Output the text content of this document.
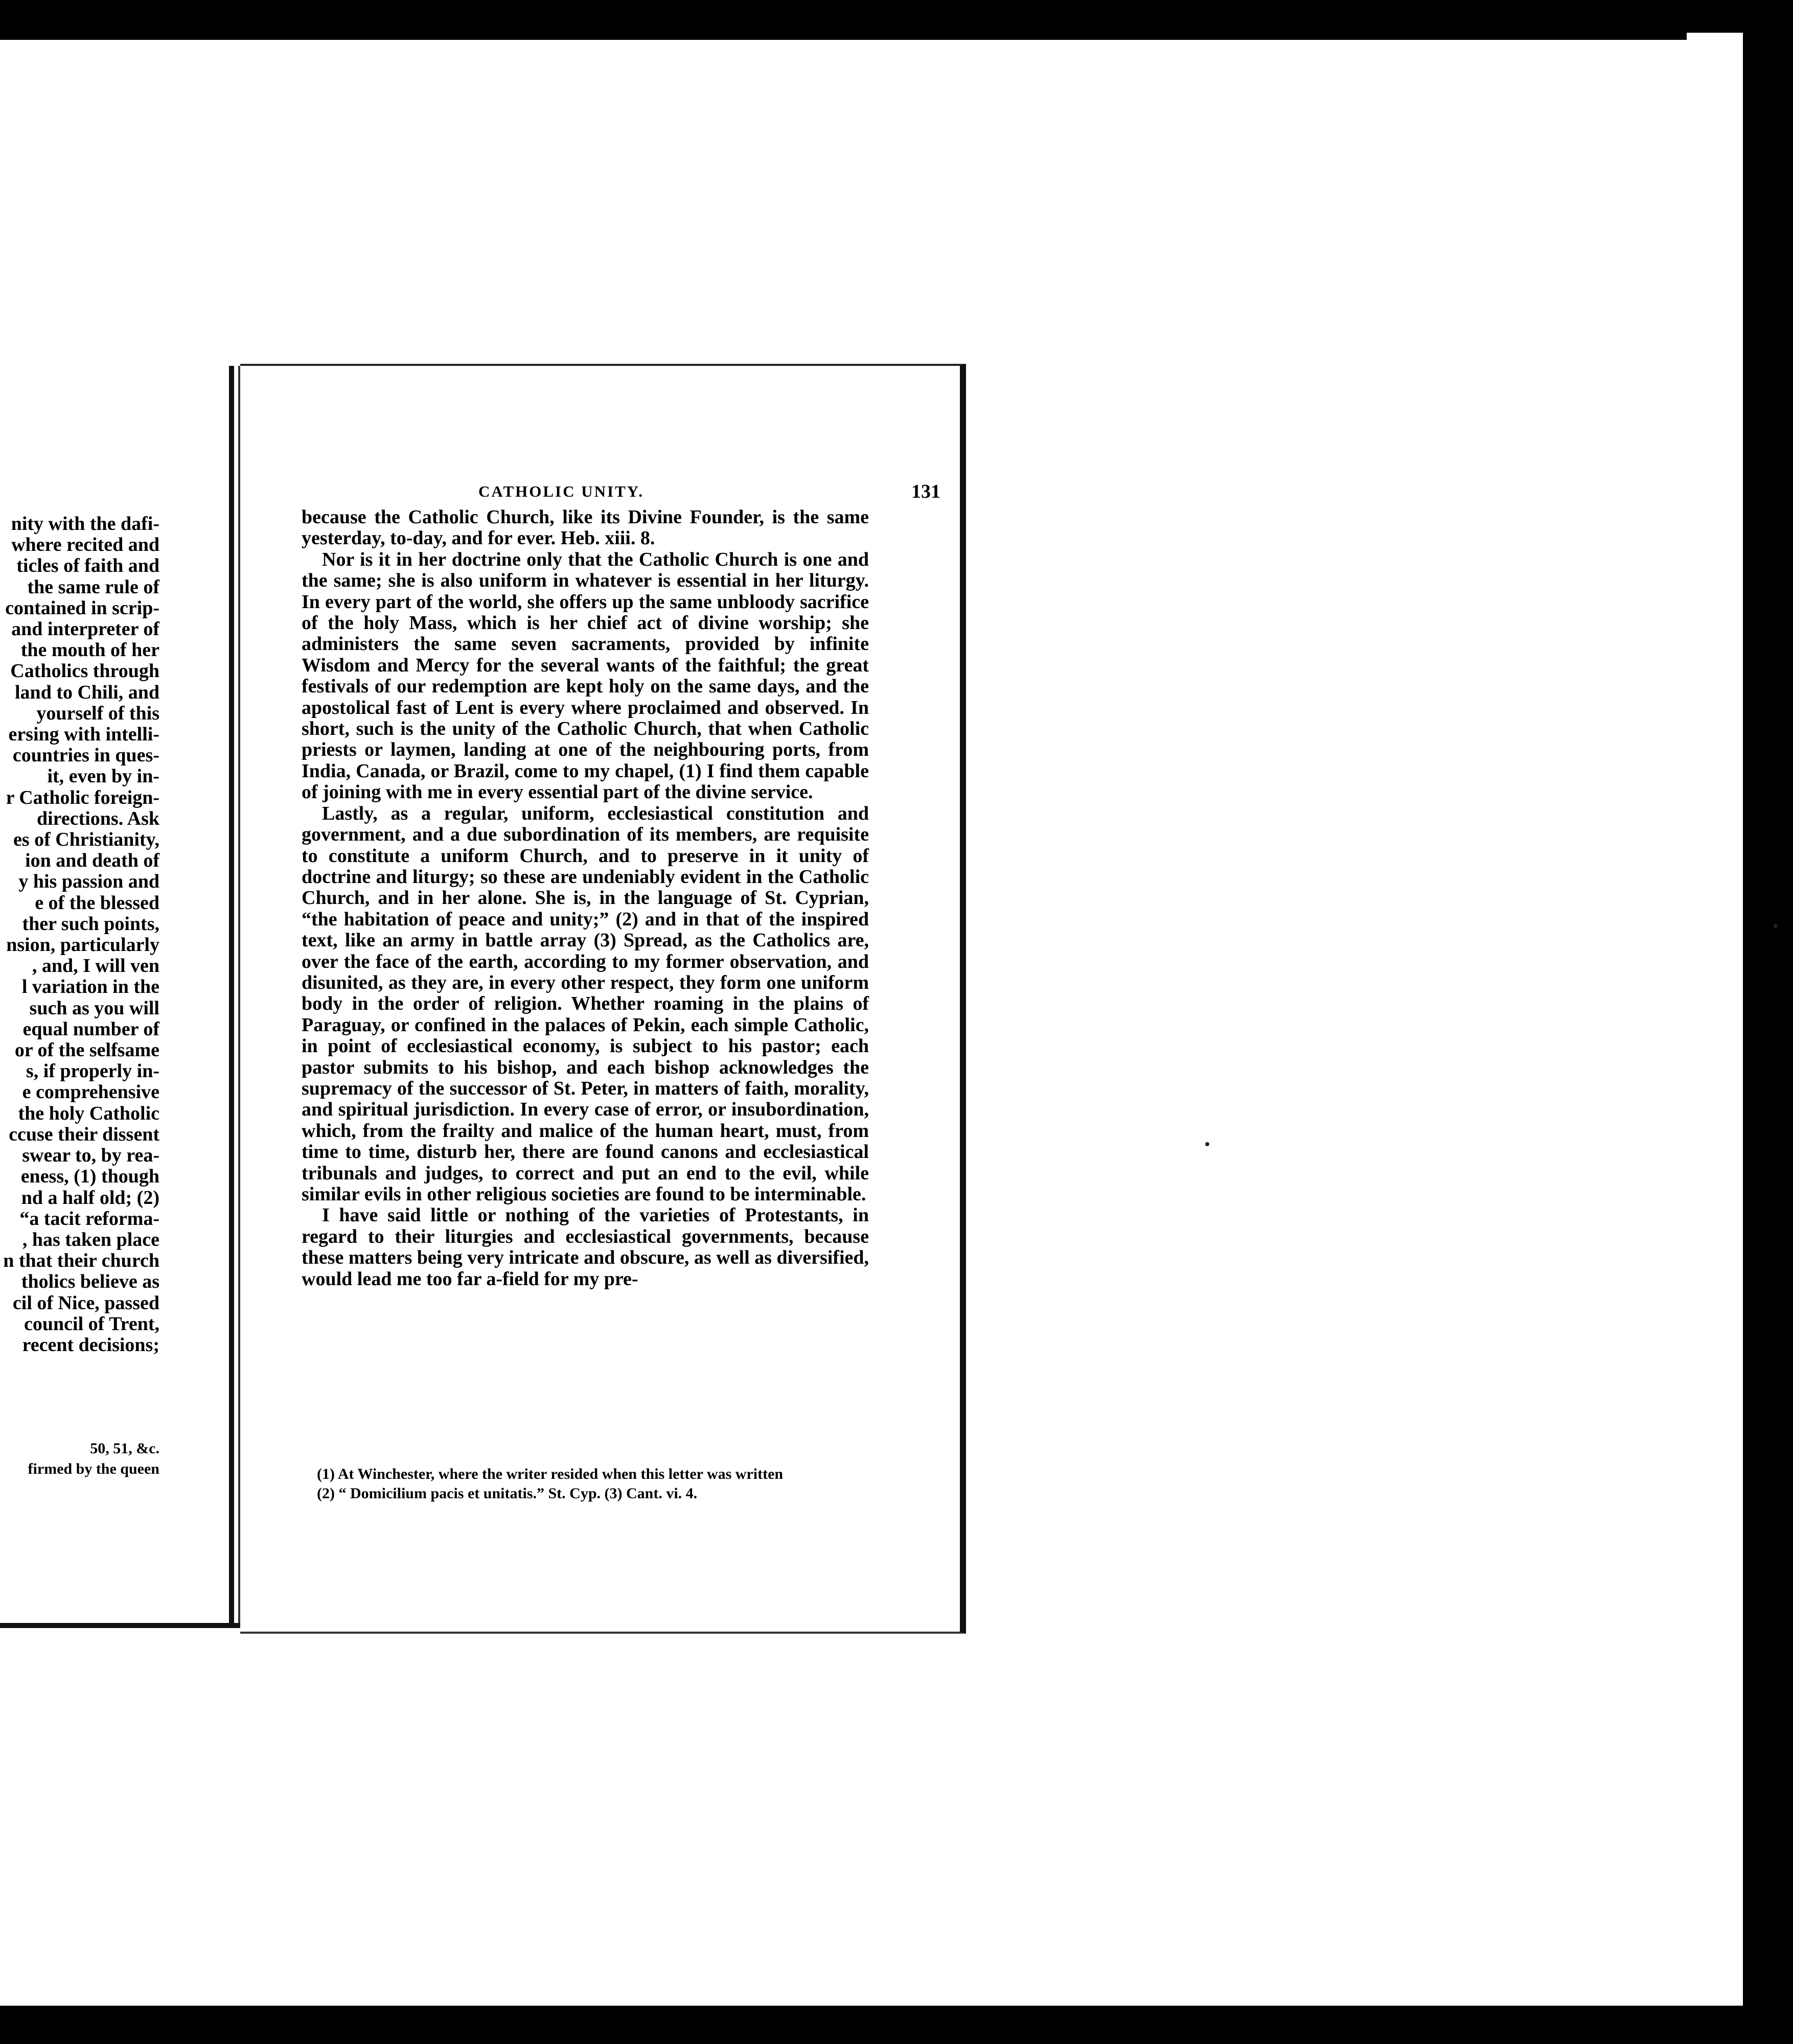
nity with the dafi-
where recited and
ticles of faith and
the same rule of
contained in scrip-
and interpreter of
the mouth of her
Catholics through
land to Chili, and
yourself of this
ersing with intelli-
countries in ques-
it, even by in-
r Catholic foreign-
directions. Ask
es of Christianity,
ion and death of
y his passion and
e of the blessed
ther such points,
nsion, particularly
, and, I will ven
l variation in the
such as you will
equal number of
or of the selfsame
s, if properly in-
e comprehensive
the holy Catholic
ccuse their dissent
swear to, by rea-
eness, (1) though
nd a half old; (2)
“a tacit reforma-
, has taken place
n that their church
tholics believe as
cil of Nice, passed
council of Trent,
recent decisions;
50, 51, &c.
firmed by the queen
CATHOLIC UNITY.	131

because the Catholic Church, like its Divine Founder, is the same yesterday, to-day, and for ever. Heb. xiii. 8.

Nor is it in her doctrine only that the Catholic Church is one and the same; she is also uniform in whatever is essential in her liturgy. In every part of the world, she offers up the same unbloody sacrifice of the holy Mass, which is her chief act of divine worship; she administers the same seven sacraments, provided by infinite Wisdom and Mercy for the several wants of the faithful; the great festivals of our redemption are kept holy on the same days, and the apostolical fast of Lent is every where proclaimed and observed. In short, such is the unity of the Catholic Church, that when Catholic priests or laymen, landing at one of the neighbouring ports, from India, Canada, or Brazil, come to my chapel, (1) I find them capable of joining with me in every essential part of the divine service.

Lastly, as a regular, uniform, ecclesiastical constitution and government, and a due subordination of its members, are requisite to constitute a uniform Church, and to preserve in it unity of doctrine and liturgy; so these are undeniably evident in the Catholic Church, and in her alone. She is, in the language of St. Cyprian, “the habitation of peace and unity;” (2) and in that of the inspired text, like an army in battle array (3) Spread, as the Catholics are, over the face of the earth, according to my former observation, and disunited, as they are, in every other respect, they form one uniform body in the order of religion. Whether roaming in the plains of Paraguay, or confined in the palaces of Pekin, each simple Catholic, in point of ecclesiastical economy, is subject to his pastor; each pastor submits to his bishop, and each bishop acknowledges the supremacy of the successor of St. Peter, in matters of faith, morality, and spiritual jurisdiction. In every case of error, or insubordination, which, from the frailty and malice of the human heart, must, from time to time, disturb her, there are found canons and ecclesiastical tribunals and judges, to correct and put an end to the evil, while similar evils in other religious societies are found to be interminable.

I have said little or nothing of the varieties of Protestants, in regard to their liturgies and ecclesiastical governments, because these matters being very intricate and obscure, as well as diversified, would lead me too far a-field for my pre-

(1) At Winchester, where the writer resided when this letter was written
(2) “ Domicilium pacis et unitatis.” St. Cyp. (3) Cant. vi. 4.
